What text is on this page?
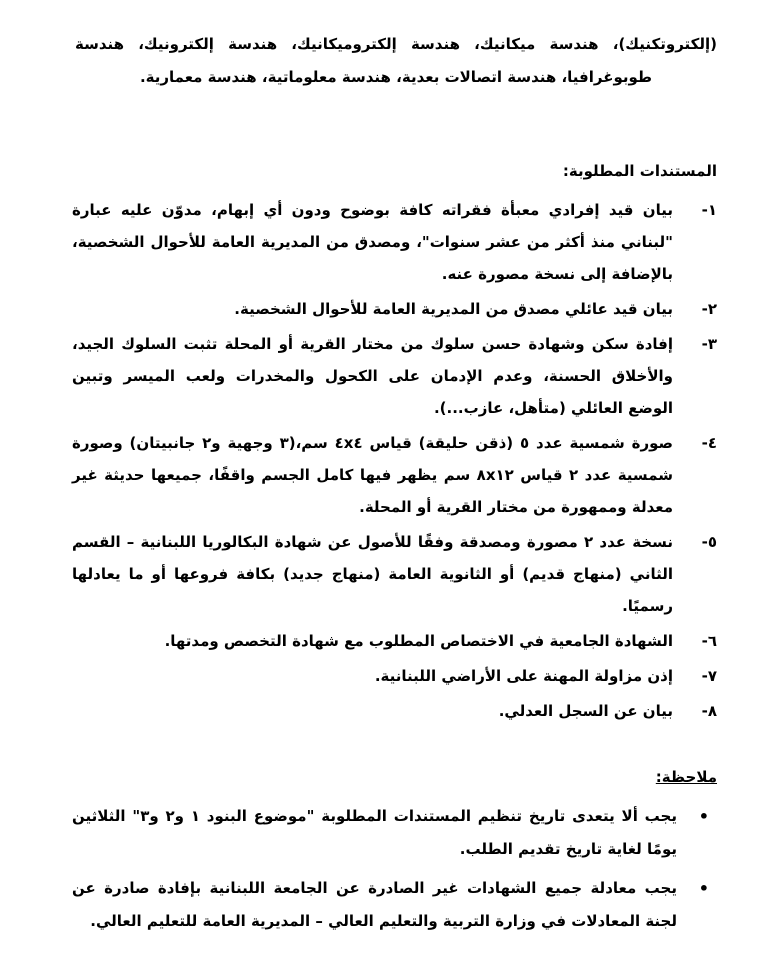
(إلكتروتكنيك)، هندسة ميكانيك، هندسة إلكتروميكانيك، هندسة إلكترونيك، هندسة طوبوغرافيا، هندسة اتصالات بعدية، هندسة معلوماتية، هندسة معمارية.
المستندات المطلوبة:
١-
بيان قيد إفرادي معبأة فقراته كافة بوضوح ودون أي إبهام، مدوّن عليه عبارة "لبناني منذ أكثر من عشر سنوات"، ومصدق من المديرية العامة للأحوال الشخصية، بالإضافة إلى نسخة مصورة عنه.
٢-
بيان قيد عائلي مصدق من المديرية العامة للأحوال الشخصية.
٣-
إفادة سكن وشهادة حسن سلوك من مختار القرية أو المحلة تثبت السلوك الجيد، والأخلاق الحسنة، وعدم الإدمان على الكحول والمخدرات ولعب الميسر وتبين الوضع العائلي (متأهل، عازب...).
٤-
صورة شمسية عدد ٥ (ذقن حليقة) قياس ٤x٤ سم،(٣ وجهية و٢ جانبيتان) وصورة شمسية عدد ٢ قياس ٨x١٢ سم يظهر فيها كامل الجسم واقفًا، جميعها حديثة غير معدلة وممهورة من مختار القرية أو المحلة.
٥-
نسخة عدد ٢ مصورة ومصدقة وفقًا للأصول عن شهادة البكالوريا اللبنانية – القسم الثاني (منهاج قديم) أو الثانوية العامة (منهاج جديد) بكافة فروعها أو ما يعادلها رسميًا.
٦-
الشهادة الجامعية في الاختصاص المطلوب مع شهادة التخصص ومدتها.
٧-
إذن مزاولة المهنة على الأراضي اللبنانية.
٨-
بيان عن السجل العدلي.
ملاحظة:
•
يجب ألا يتعدى تاريخ تنظيم المستندات المطلوبة "موضوع البنود ١ و٢ و٣" الثلاثين يومًا لغاية تاريخ تقديم الطلب.
•
يجب معادلة جميع الشهادات غير الصادرة عن الجامعة اللبنانية بإفادة صادرة عن لجنة المعادلات في وزارة التربية والتعليم العالي – المديرية العامة للتعليم العالي.
